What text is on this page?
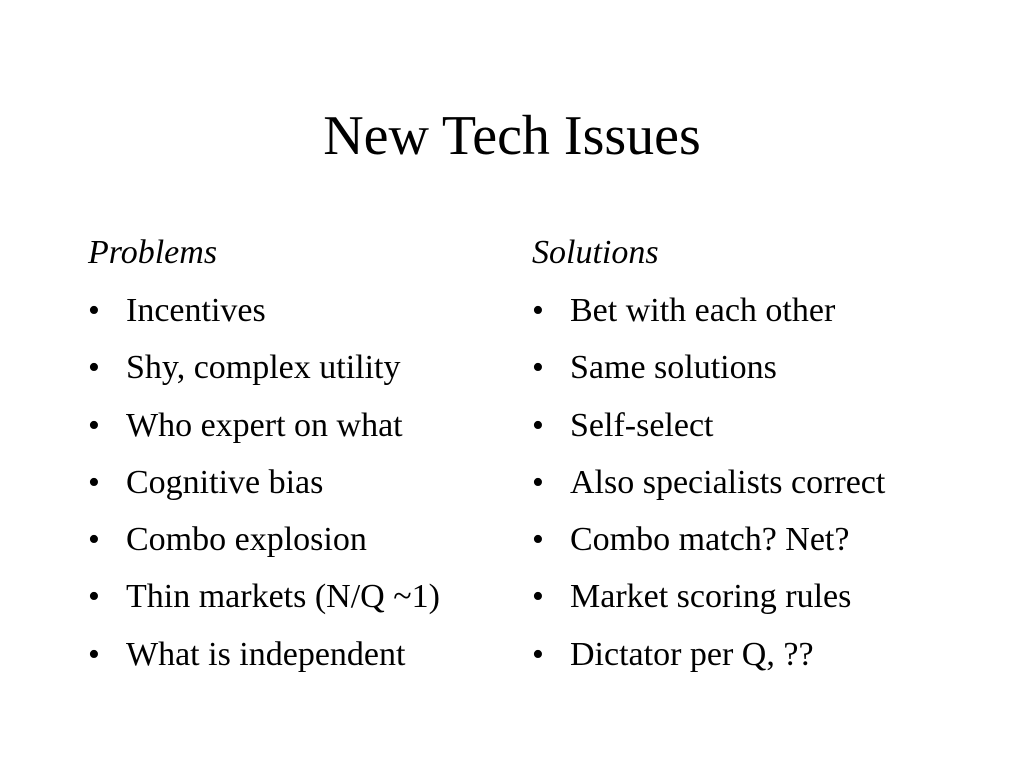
New Tech Issues
Problems
• Incentives
• Shy, complex utility
• Who expert on what
• Cognitive bias
• Combo explosion
• Thin markets (N/Q ~1)
• What is independent
Solutions
• Bet with each other
• Same solutions
• Self-select
• Also specialists correct
• Combo match? Net?
• Market scoring rules
• Dictator per Q, ??
